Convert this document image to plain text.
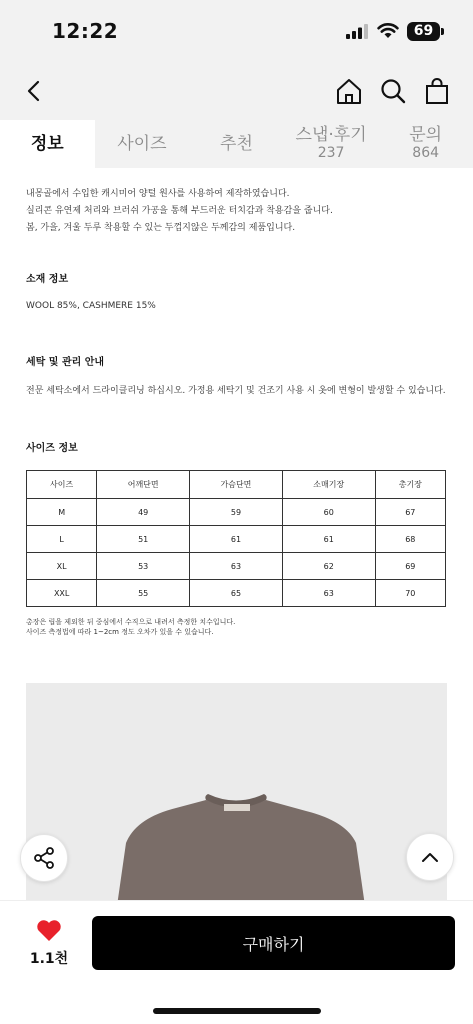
12:22	69
정보	사이즈	추천	스냅·후기
237
문의
864
내몽골에서 수입한 캐시미어 양털 원사를 사용하여 제작하였습니다.
실리콘 유연제 처리와 브러쉬 가공을 통해 부드러운 터치감과 착용감을 줍니다.
봄, 가을, 겨울 두루 착용할 수 있는 두껍지않은 두께감의 제품입니다.
소재 정보
WOOL 85%, CASHMERE 15%
세탁 및 관리 안내
전문 세탁소에서 드라이클리닝 하십시오. 가정용 세탁기 및 건조기 사용 시 옷에 변형이 발생할 수 있습니다.
사이즈 정보
사이즈	어깨단면	가슴단면	소매기장	총기장
M	49	59	60	67
L	51	61	61	68
XL	53	63	62	69
XXL	55	65	63	70
총장은 립을 제외한 뒤 중심에서 수직으로 내려서 측정한 치수입니다.
사이즈 측정법에 따라 1~2cm 정도 오차가 있을 수 있습니다.
1.1천
구매하기
